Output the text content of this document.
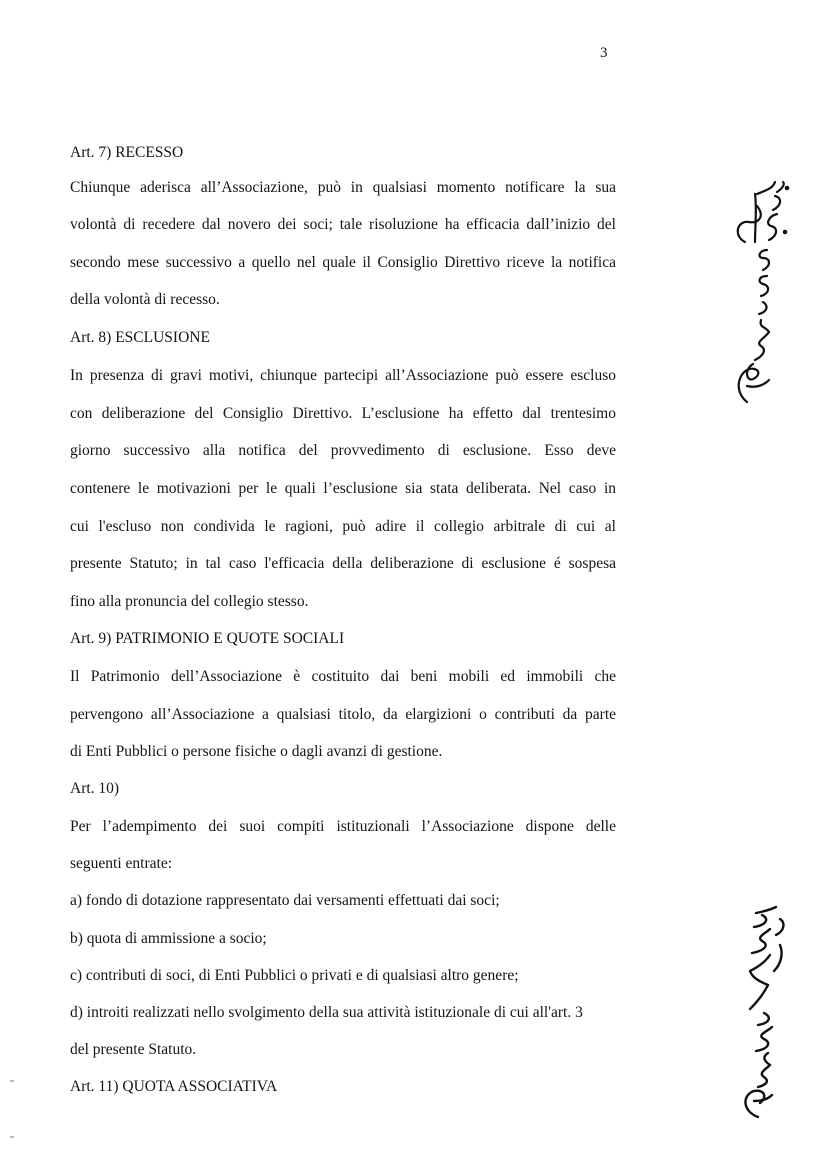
3
Art. 7) RECESSO
Chiunque aderisca all’Associazione, può in qualsiasi momento notificare la sua
volontà di recedere dal novero dei soci; tale risoluzione ha efficacia dall’inizio del
secondo mese successivo a quello nel quale il Consiglio Direttivo riceve la notifica
della volontà di recesso.
Art. 8) ESCLUSIONE
In presenza di gravi motivi, chiunque partecipi all’Associazione può essere escluso
con deliberazione del Consiglio Direttivo. L’esclusione ha effetto dal trentesimo
giorno successivo alla notifica del provvedimento di esclusione. Esso deve
contenere le motivazioni per le quali l’esclusione sia stata deliberata. Nel caso in
cui l'escluso non condivida le ragioni, può adire il collegio arbitrale di cui al
presente Statuto; in tal caso l'efficacia della deliberazione di esclusione é sospesa
fino alla pronuncia del collegio stesso.
Art. 9) PATRIMONIO E QUOTE SOCIALI
Il Patrimonio dell’Associazione è costituito dai beni mobili ed immobili che
pervengono all’Associazione a qualsiasi titolo, da elargizioni o contributi da parte
di Enti Pubblici o persone fisiche o dagli avanzi di gestione.
Art. 10)
Per l’adempimento dei suoi compiti istituzionali l’Associazione dispone delle
seguenti entrate:
a) fondo di dotazione rappresentato dai versamenti effettuati dai soci;
b) quota di ammissione a socio;
c) contributi di soci, di Enti Pubblici o privati e di qualsiasi altro genere;
d) introiti realizzati nello svolgimento della sua attività istituzionale di cui all'art. 3
del presente Statuto.
Art. 11) QUOTA ASSOCIATIVA
